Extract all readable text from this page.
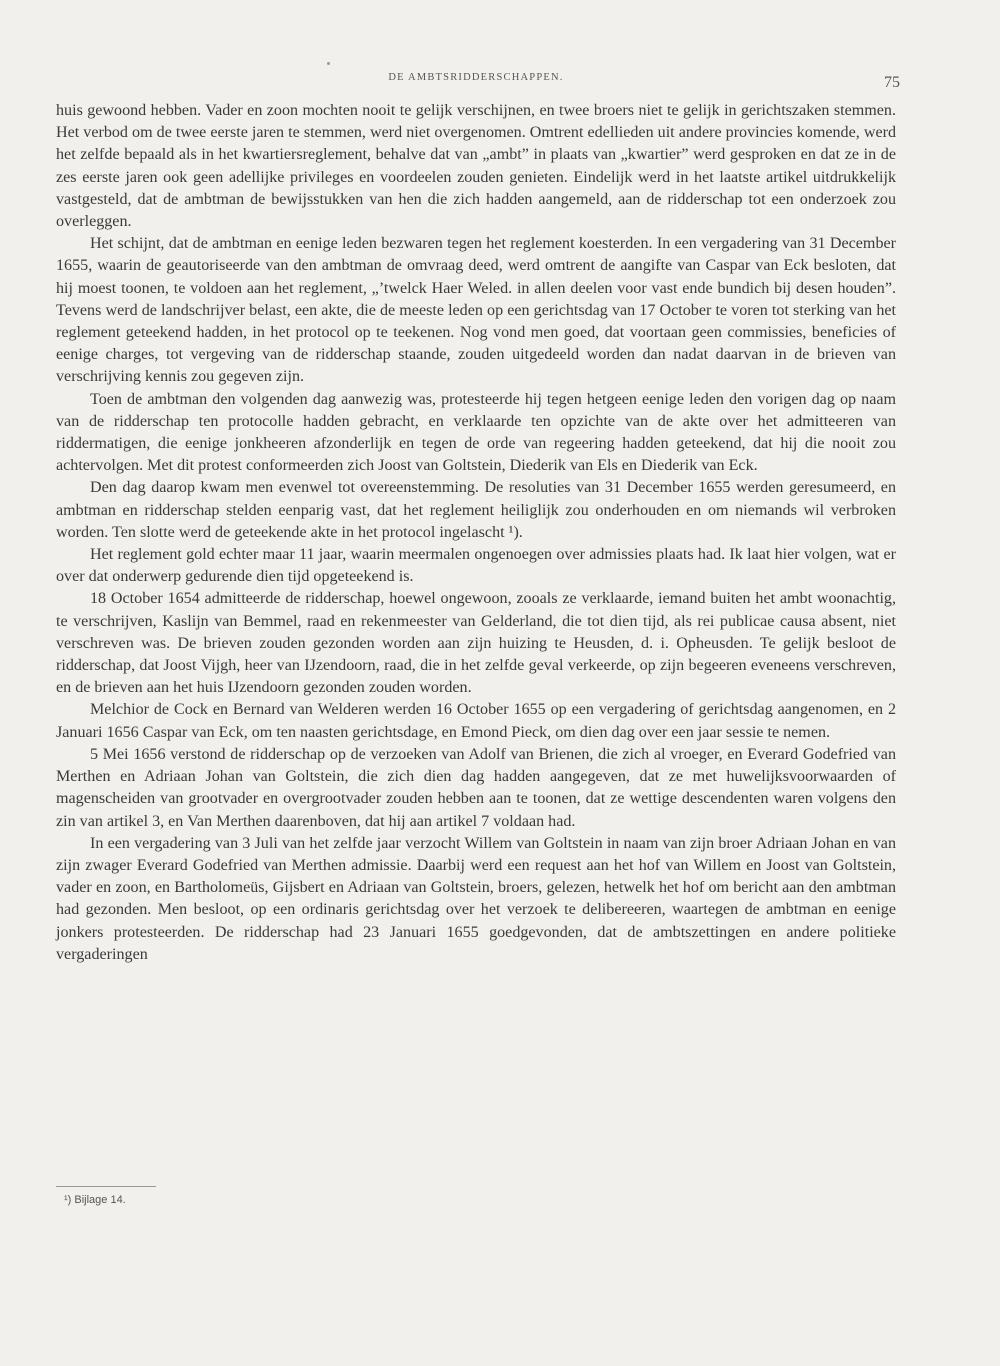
DE AMBTSRIDDERSCHAPPEN.	75

huis gewoond hebben. Vader en zoon mochten nooit te gelijk verschijnen, en twee broers niet te gelijk in gerichtszaken stemmen. Het verbod om de twee eerste jaren te stemmen, werd niet overgenomen. Omtrent edellieden uit andere provincies komende, werd het zelfde bepaald als in het kwartiersreglement, behalve dat van „ambt” in plaats van „kwartier” werd gesproken en dat ze in de zes eerste jaren ook geen adellijke privileges en voordeelen zouden genieten. Eindelijk werd in het laatste artikel uitdrukkelijk vastgesteld, dat de ambtman de bewijsstukken van hen die zich hadden aangemeld, aan de ridderschap tot een onderzoek zou overleggen.

Het schijnt, dat de ambtman en eenige leden bezwaren tegen het reglement koesterden. In een vergadering van 31 December 1655, waarin de geautoriseerde van den ambtman de omvraag deed, werd omtrent de aangifte van Caspar van Eck besloten, dat hij moest toonen, te voldoen aan het reglement, „’twelck Haer Weled. in allen deelen voor vast ende bundich bij desen houden”. Tevens werd de landschrijver belast, een akte, die de meeste leden op een gerichtsdag van 17 October te voren tot sterking van het reglement geteekend hadden, in het protocol op te teekenen. Nog vond men goed, dat voortaan geen commissies, beneficies of eenige charges, tot vergeving van de ridderschap staande, zouden uitgedeeld worden dan nadat daarvan in de brieven van verschrijving kennis zou gegeven zijn.

Toen de ambtman den volgenden dag aanwezig was, protesteerde hij tegen hetgeen eenige leden den vorigen dag op naam van de ridderschap ten protocolle hadden gebracht, en verklaarde ten opzichte van de akte over het admitteeren van riddermatigen, die eenige jonkheeren afzonderlijk en tegen de orde van regeering hadden geteekend, dat hij die nooit zou achtervolgen. Met dit protest conformeerden zich Joost van Goltstein, Diederik van Els en Diederik van Eck.

Den dag daarop kwam men evenwel tot overeenstemming. De resoluties van 31 December 1655 werden geresumeerd, en ambtman en ridderschap stelden eenparig vast, dat het reglement heiliglijk zou onderhouden en om niemands wil verbroken worden. Ten slotte werd de geteekende akte in het protocol ingelascht ¹).

Het reglement gold echter maar 11 jaar, waarin meermalen ongenoegen over admissies plaats had. Ik laat hier volgen, wat er over dat onderwerp gedurende dien tijd opgeteekend is.

18 October 1654 admitteerde de ridderschap, hoewel ongewoon, zooals ze verklaarde, iemand buiten het ambt woonachtig, te verschrijven, Kaslijn van Bemmel, raad en rekenmeester van Gelderland, die tot dien tijd, als rei publicae causa absent, niet verschreven was. De brieven zouden gezonden worden aan zijn huizing te Heusden, d. i. Opheusden. Te gelijk besloot de ridderschap, dat Joost Vijgh, heer van IJzendoorn, raad, die in het zelfde geval verkeerde, op zijn begeeren eveneens verschreven, en de brieven aan het huis IJzendoorn gezonden zouden worden.

Melchior de Cock en Bernard van Welderen werden 16 October 1655 op een vergadering of gerichtsdag aangenomen, en 2 Januari 1656 Caspar van Eck, om ten naasten gerichtsdage, en Emond Pieck, om dien dag over een jaar sessie te nemen.

5 Mei 1656 verstond de ridderschap op de verzoeken van Adolf van Brienen, die zich al vroeger, en Everard Godefried van Merthen en Adriaan Johan van Goltstein, die zich dien dag hadden aangegeven, dat ze met huwelijksvoorwaarden of magenscheiden van grootvader en overgrootvader zouden hebben aan te toonen, dat ze wettige descendenten waren volgens den zin van artikel 3, en Van Merthen daarenboven, dat hij aan artikel 7 voldaan had.

In een vergadering van 3 Juli van het zelfde jaar verzocht Willem van Goltstein in naam van zijn broer Adriaan Johan en van zijn zwager Everard Godefried van Merthen admissie. Daarbij werd een request aan het hof van Willem en Joost van Goltstein, vader en zoon, en Bartholomeüs, Gijsbert en Adriaan van Goltstein, broers, gelezen, hetwelk het hof om bericht aan den ambtman had gezonden. Men besloot, op een ordinaris gerichtsdag over het verzoek te delibereeren, waartegen de ambtman en eenige jonkers protesteerden. De ridderschap had 23 Januari 1655 goedgevonden, dat de ambtszettingen en andere politieke vergaderingen

¹) Bijlage 14.
